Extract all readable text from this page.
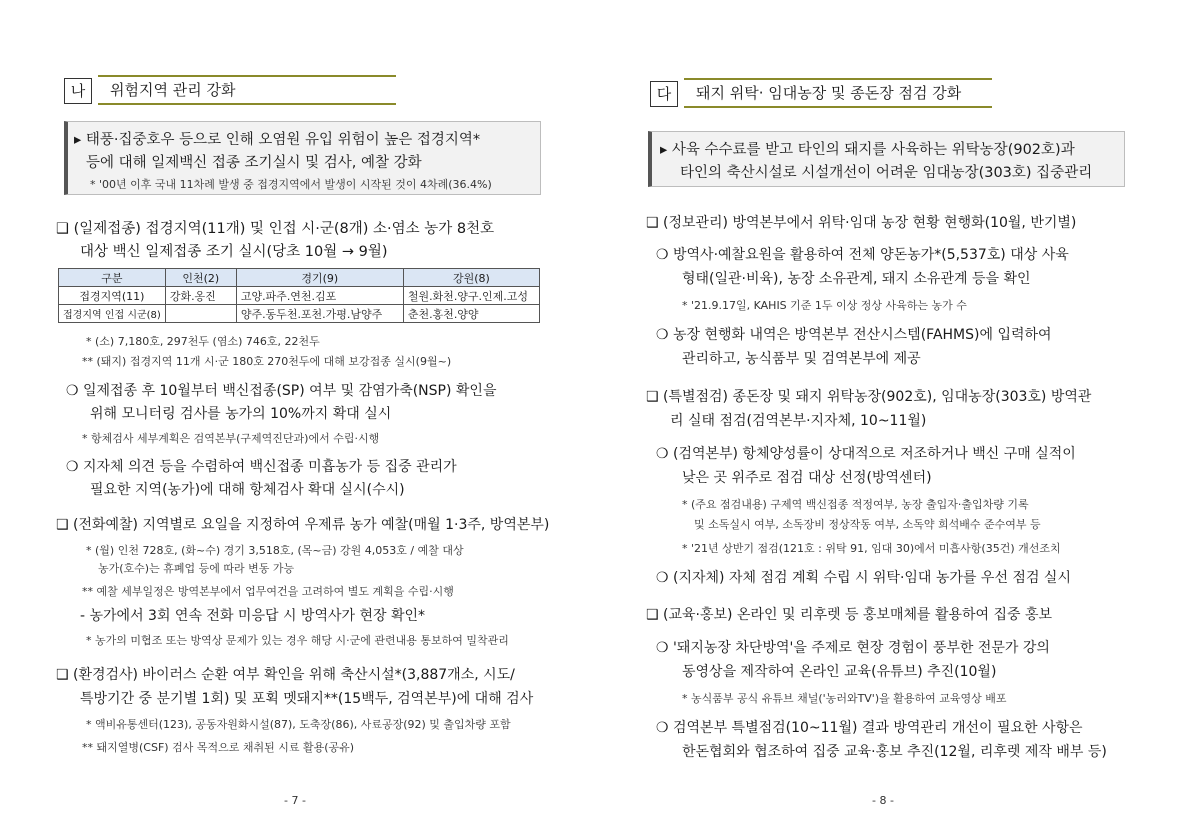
나	위험지역 관리 강화
▸ 태풍·집중호우 등으로 인해 오염원 유입 위험이 높은 접경지역*
등에 대해 일제백신 접종 조기실시 및 검사, 예찰 강화
* '00년 이후 국내 11차례 발생 중 접경지역에서 발생이 시작된 것이 4차례(36.4%)
❑ (일제접종) 접경지역(11개) 및 인접 시·군(8개) 소·염소 농가 8천호
대상 백신 일제접종 조기 실시(당초 10월 → 9월)
구분	인천(2)	경기(9)	강원(8)
접경지역(11)	강화.옹진	고양.파주.연천.김포	철원.화천.양구.인제.고성
접경지역 인접 시군(8)		양주.동두천.포천.가평.남양주	춘천.홍천.양양
* (소) 7,180호, 297천두 (염소) 746호, 22천두
** (돼지) 접경지역 11개 시·군 180호 270천두에 대해 보강접종 실시(9월~)
❍ 일제접종 후 10월부터 백신접종(SP) 여부 및 감염가축(NSP) 확인을
위해 모니터링 검사를 농가의 10%까지 확대 실시
* 항체검사 세부계획은 검역본부(구제역진단과)에서 수립·시행
❍ 지자체 의견 등을 수렴하여 백신접종 미흡농가 등 집중 관리가
필요한 지역(농가)에 대해 항체검사 확대 실시(수시)
❑ (전화예찰) 지역별로 요일을 지정하여 우제류 농가 예찰(매월 1·3주, 방역본부)
* (월) 인천 728호, (화~수) 경기 3,518호, (목~금) 강원 4,053호 / 예찰 대상
농가(호수)는 휴폐업 등에 따라 변동 가능
** 예찰 세부일정은 방역본부에서 업무여건을 고려하여 별도 계획을 수립·시행
- 농가에서 3회 연속 전화 미응답 시 방역사가 현장 확인*
* 농가의 미협조 또는 방역상 문제가 있는 경우 해당 시·군에 관련내용 통보하여 밀착관리
❑ (환경검사) 바이러스 순환 여부 확인을 위해 축산시설*(3,887개소, 시도/
특방기간 중 분기별 1회) 및 포획 멧돼지**(15백두, 검역본부)에 대해 검사
* 액비유통센터(123), 공동자원화시설(87), 도축장(86), 사료공장(92) 및 출입차량 포함
** 돼지열병(CSF) 검사 목적으로 채취된 시료 활용(공유)
- 7 -
다	돼지 위탁· 임대농장 및 종돈장 점검 강화
▸ 사육 수수료를 받고 타인의 돼지를 사육하는 위탁농장(902호)과
타인의 축산시설로 시설개선이 어려운 임대농장(303호) 집중관리
❑ (정보관리) 방역본부에서 위탁·임대 농장 현황 현행화(10월, 반기별)
❍ 방역사·예찰요원을 활용하여 전체 양돈농가*(5,537호) 대상 사육
형태(일관·비육), 농장 소유관계, 돼지 소유관계 등을 확인
* '21.9.17일, KAHIS 기준 1두 이상 정상 사육하는 농가 수
❍ 농장 현행화 내역은 방역본부 전산시스템(FAHMS)에 입력하여
관리하고, 농식품부 및 검역본부에 제공
❑ (특별점검) 종돈장 및 돼지 위탁농장(902호), 임대농장(303호) 방역관
리 실태 점검(검역본부·지자체, 10~11월)
❍ (검역본부) 항체양성률이 상대적으로 저조하거나 백신 구매 실적이
낮은 곳 위주로 점검 대상 선정(방역센터)
* (주요 점검내용) 구제역 백신접종 적정여부, 농장 출입자·출입차량 기록
및 소독실시 여부, 소독장비 정상작동 여부, 소독약 희석배수 준수여부 등
* '21년 상반기 점검(121호 : 위탁 91, 임대 30)에서 미흡사항(35건) 개선조치
❍ (지자체) 자체 점검 계획 수립 시 위탁·임대 농가를 우선 점검 실시
❑ (교육·홍보) 온라인 및 리후렛 등 홍보매체를 활용하여 집중 홍보
❍ '돼지농장 차단방역'을 주제로 현장 경험이 풍부한 전문가 강의
동영상을 제작하여 온라인 교육(유튜브) 추진(10월)
* 농식품부 공식 유튜브 채널('농러와TV')을 활용하여 교육영상 배포
❍ 검역본부 특별점검(10~11월) 결과 방역관리 개선이 필요한 사항은
한돈협회와 협조하여 집중 교육·홍보 추진(12월, 리후렛 제작 배부 등)
- 8 -
